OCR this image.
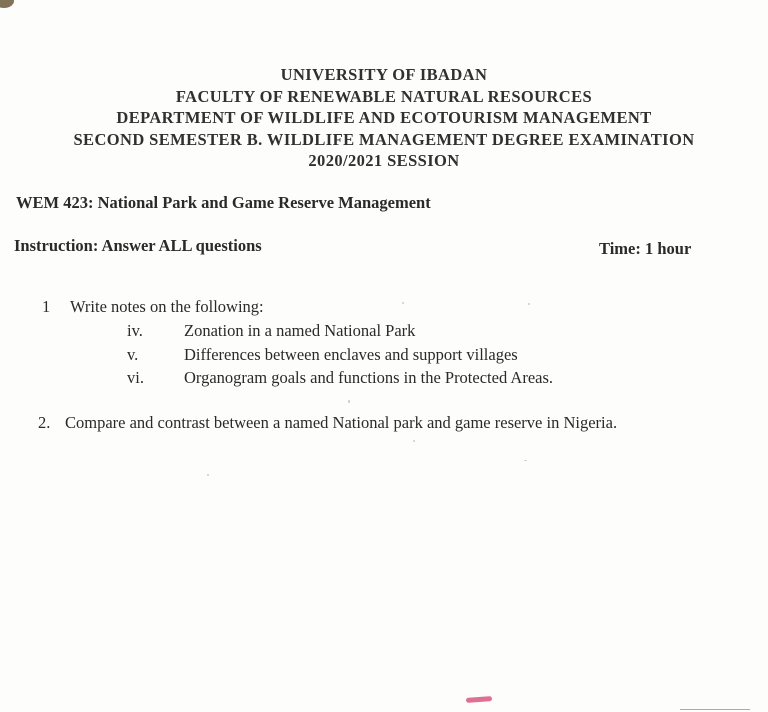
UNIVERSITY OF IBADAN
FACULTY OF RENEWABLE NATURAL RESOURCES
DEPARTMENT OF WILDLIFE AND ECOTOURISM MANAGEMENT
SECOND SEMESTER B. WILDLIFE MANAGEMENT DEGREE EXAMINATION
2020/2021 SESSION
WEM 423: National Park and Game Reserve Management
Instruction: Answer ALL questions	Time: 1 hour
1 Write notes on the following:
iv. Zonation in a named National Park
v.	Differences between enclaves and support villages
vi. Organogram goals and functions in the Protected Areas.
2. Compare and contrast between a named National park and game reserve in Nigeria.
